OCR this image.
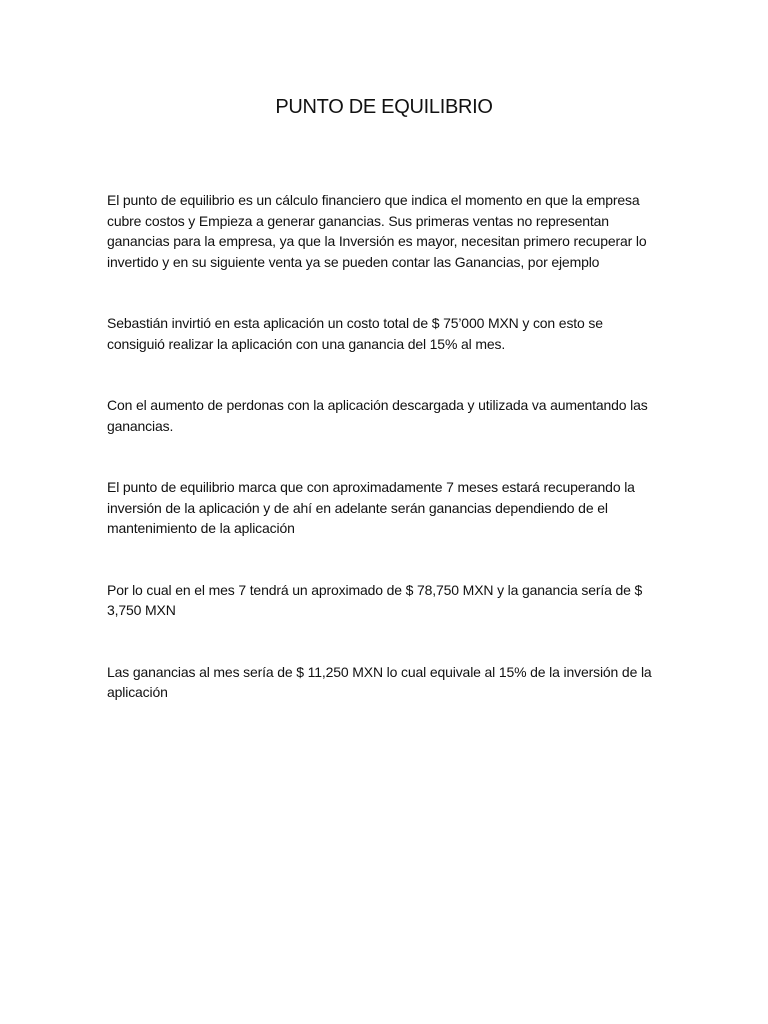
PUNTO DE EQUILIBRIO

El punto de equilibrio es un cálculo financiero que indica el momento en que la empresa cubre costos y Empieza a generar ganancias. Sus primeras ventas no representan ganancias para la empresa, ya que la Inversión es mayor, necesitan primero recuperar lo invertido y en su siguiente venta ya se pueden contar las Ganancias, por ejemplo

Sebastián invirtió en esta aplicación un costo total de $ 75’000 MXN y con esto se consiguió realizar la aplicación con una ganancia del 15% al mes.

Con el aumento de perdonas con la aplicación descargada y utilizada va aumentando las ganancias.

El punto de equilibrio marca que con aproximadamente 7 meses estará recuperando la inversión de la aplicación y de ahí en adelante serán ganancias dependiendo de el mantenimiento de la aplicación

Por lo cual en el mes 7 tendrá un aproximado de $ 78,750 MXN y la ganancia sería de $ 3,750 MXN

Las ganancias al mes sería de $ 11,250 MXN lo cual equivale al 15% de la inversión de la aplicación
